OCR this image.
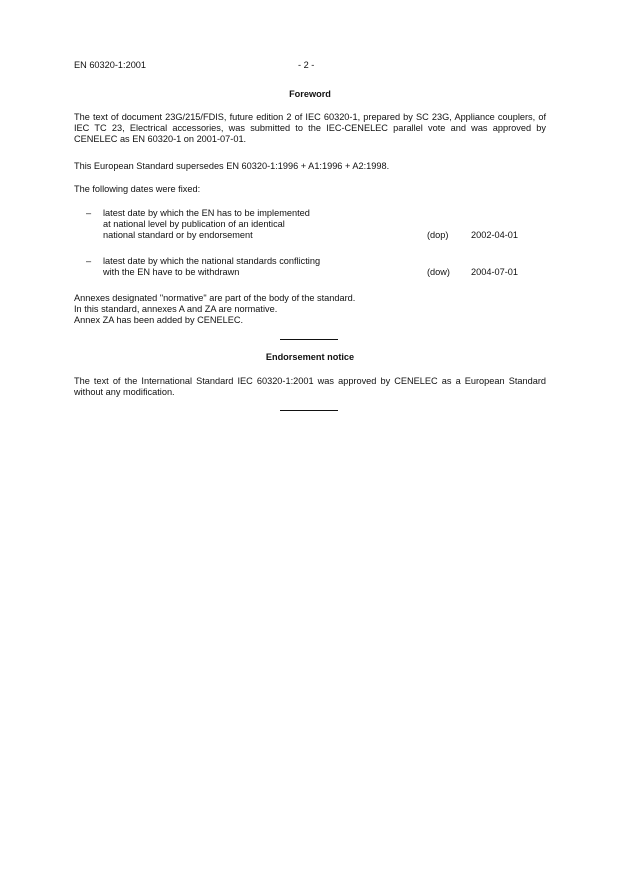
EN 60320-1:2001	- 2 -
Foreword
The text of document 23G/215/FDIS, future edition 2 of IEC 60320-1, prepared by SC 23G, Appliance couplers, of IEC TC 23, Electrical accessories, was submitted to the IEC-CENELEC parallel vote and was approved by CENELEC as EN 60320-1 on 2001-07-01.
This European Standard supersedes EN 60320-1:1996 + A1:1996 + A2:1998.
The following dates were fixed:
– latest date by which the EN has to be implemented
at national level by publication of an identical
national standard or by endorsement	(dop)	2002-04-01
– latest date by which the national standards conflicting
with the EN have to be withdrawn	(dow)	2004-07-01
Annexes designated "normative" are part of the body of the standard.
In this standard, annexes A and ZA are normative.
Annex ZA has been added by CENELEC.
Endorsement notice
The text of the International Standard IEC 60320-1:2001 was approved by CENELEC as a European Standard without any modification.
